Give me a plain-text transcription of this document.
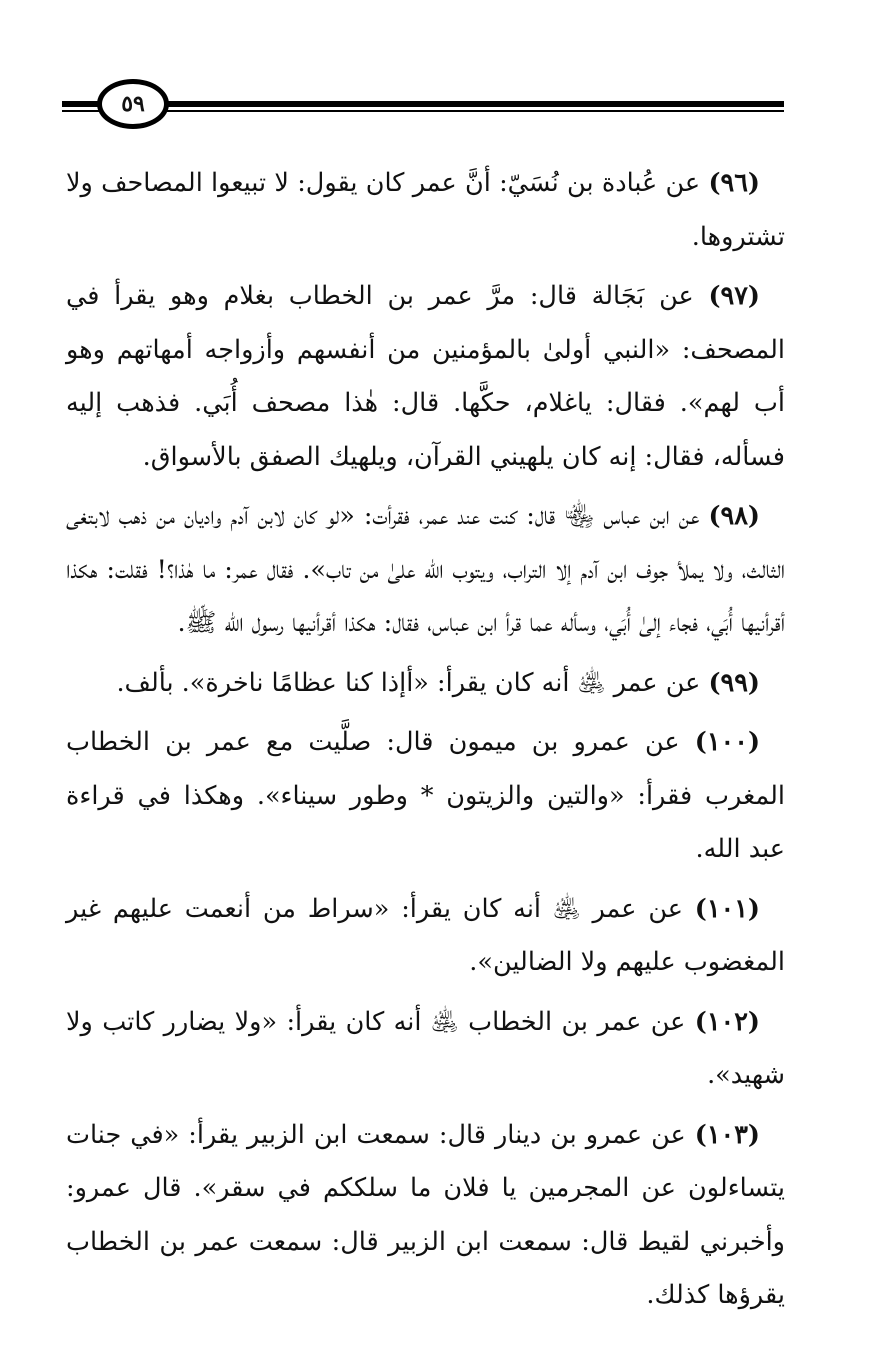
٥٩

(٩٦) عن عُبادة بن نُسَيّ: أنَّ عمر كان يقول: لا تبيعوا المصاحف ولا تشتروها.

(٩٧) عن بَجَالة قال: مرَّ عمر بن الخطاب بغلام وهو يقرأ في المصحف: «النبي أولىٰ بالمؤمنين من أنفسهم وأزواجه أمهاتهم وهو أب لهم». فقال: ياغلام، حكَّها. قال: هٰذا مصحف أُبَي. فذهب إليه فسأله، فقال: إنه كان يلهيني القرآن، ويلهيك الصفق بالأسواق.

(٩٨) عن ابن عباس ﵄ قال: كنت عند عمر، فقرأت: «لو كان لابن آدم واديان من ذهب لابتغى الثالث، ولا يملأ جوف ابن آدم إلا التراب، ويتوب الله علىٰ من تاب». فقال عمر: ما هٰذا؟! فقلت: هكذا أقرأنيها أُبَي، فجاء إلىٰ أُبَي، وسأله عما قرأ ابن عباس، فقال: هكذا أقرأنيها رسول الله ﷺ.

(٩٩) عن عمر ﵁ أنه كان يقرأ: «أإذا كنا عظامًا ناخرة». بألف.

(١٠٠) عن عمرو بن ميمون قال: صلَّيت مع عمر بن الخطاب المغرب فقرأ: «والتين والزيتون * وطور سيناء». وهكذا في قراءة عبد الله.

(١٠١) عن عمر ﵁ أنه كان يقرأ: «سراط من أنعمت عليهم غير المغضوب عليهم ولا الضالين».

(١٠٢) عن عمر بن الخطاب ﵁ أنه كان يقرأ: «ولا يضارر كاتب ولا شهيد».

(١٠٣) عن عمرو بن دينار قال: سمعت ابن الزبير يقرأ: «في جنات يتساءلون عن المجرمين يا فلان ما سلككم في سقر». قال عمرو: وأخبرني لقيط قال: سمعت ابن الزبير قال: سمعت عمر بن الخطاب يقرؤها كذلك.
